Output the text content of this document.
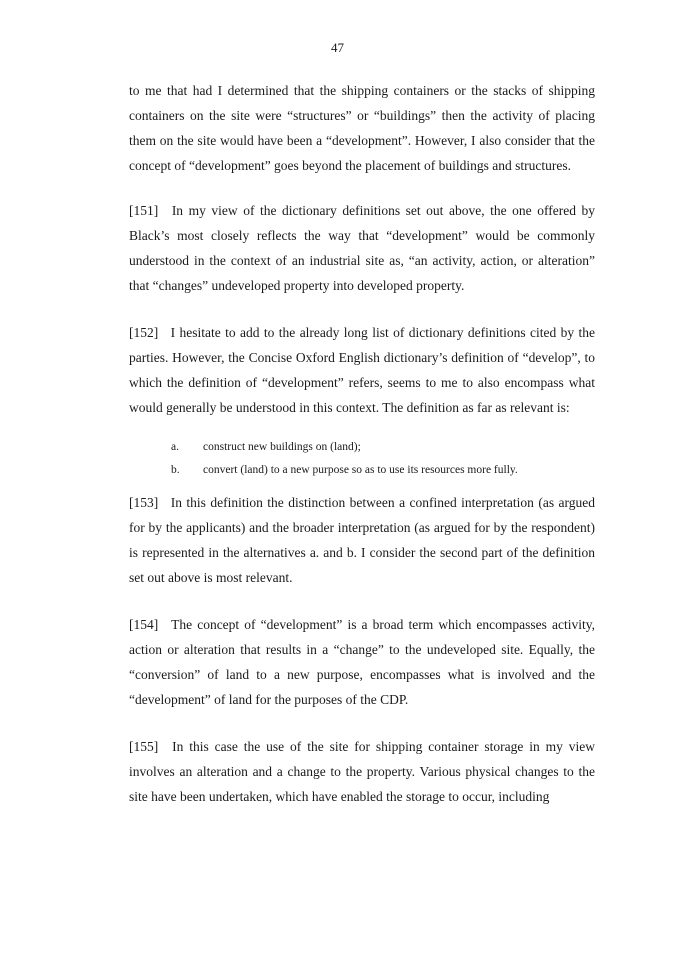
47

to me that had I determined that the shipping containers or the stacks of shipping containers on the site were “structures” or “buildings” then the activity of placing them on the site would have been a “development”. However, I also consider that the concept of “development” goes beyond the placement of buildings and structures.

[151] In my view of the dictionary definitions set out above, the one offered by Black’s most closely reflects the way that “development” would be commonly understood in the context of an industrial site as, “an activity, action, or alteration” that “changes” undeveloped property into developed property.

[152] I hesitate to add to the already long list of dictionary definitions cited by the parties. However, the Concise Oxford English dictionary’s definition of “develop”, to which the definition of “development” refers, seems to me to also encompass what would generally be understood in this context. The definition as far as relevant is:

a.	construct new buildings on (land);
b.	convert (land) to a new purpose so as to use its resources more fully.

[153] In this definition the distinction between a confined interpretation (as argued for by the applicants) and the broader interpretation (as argued for by the respondent) is represented in the alternatives a. and b. I consider the second part of the definition set out above is most relevant.

[154] The concept of “development” is a broad term which encompasses activity, action or alteration that results in a “change” to the undeveloped site. Equally, the “conversion” of land to a new purpose, encompasses what is involved and the “development” of land for the purposes of the CDP.

[155] In this case the use of the site for shipping container storage in my view involves an alteration and a change to the property. Various physical changes to the site have been undertaken, which have enabled the storage to occur, including
